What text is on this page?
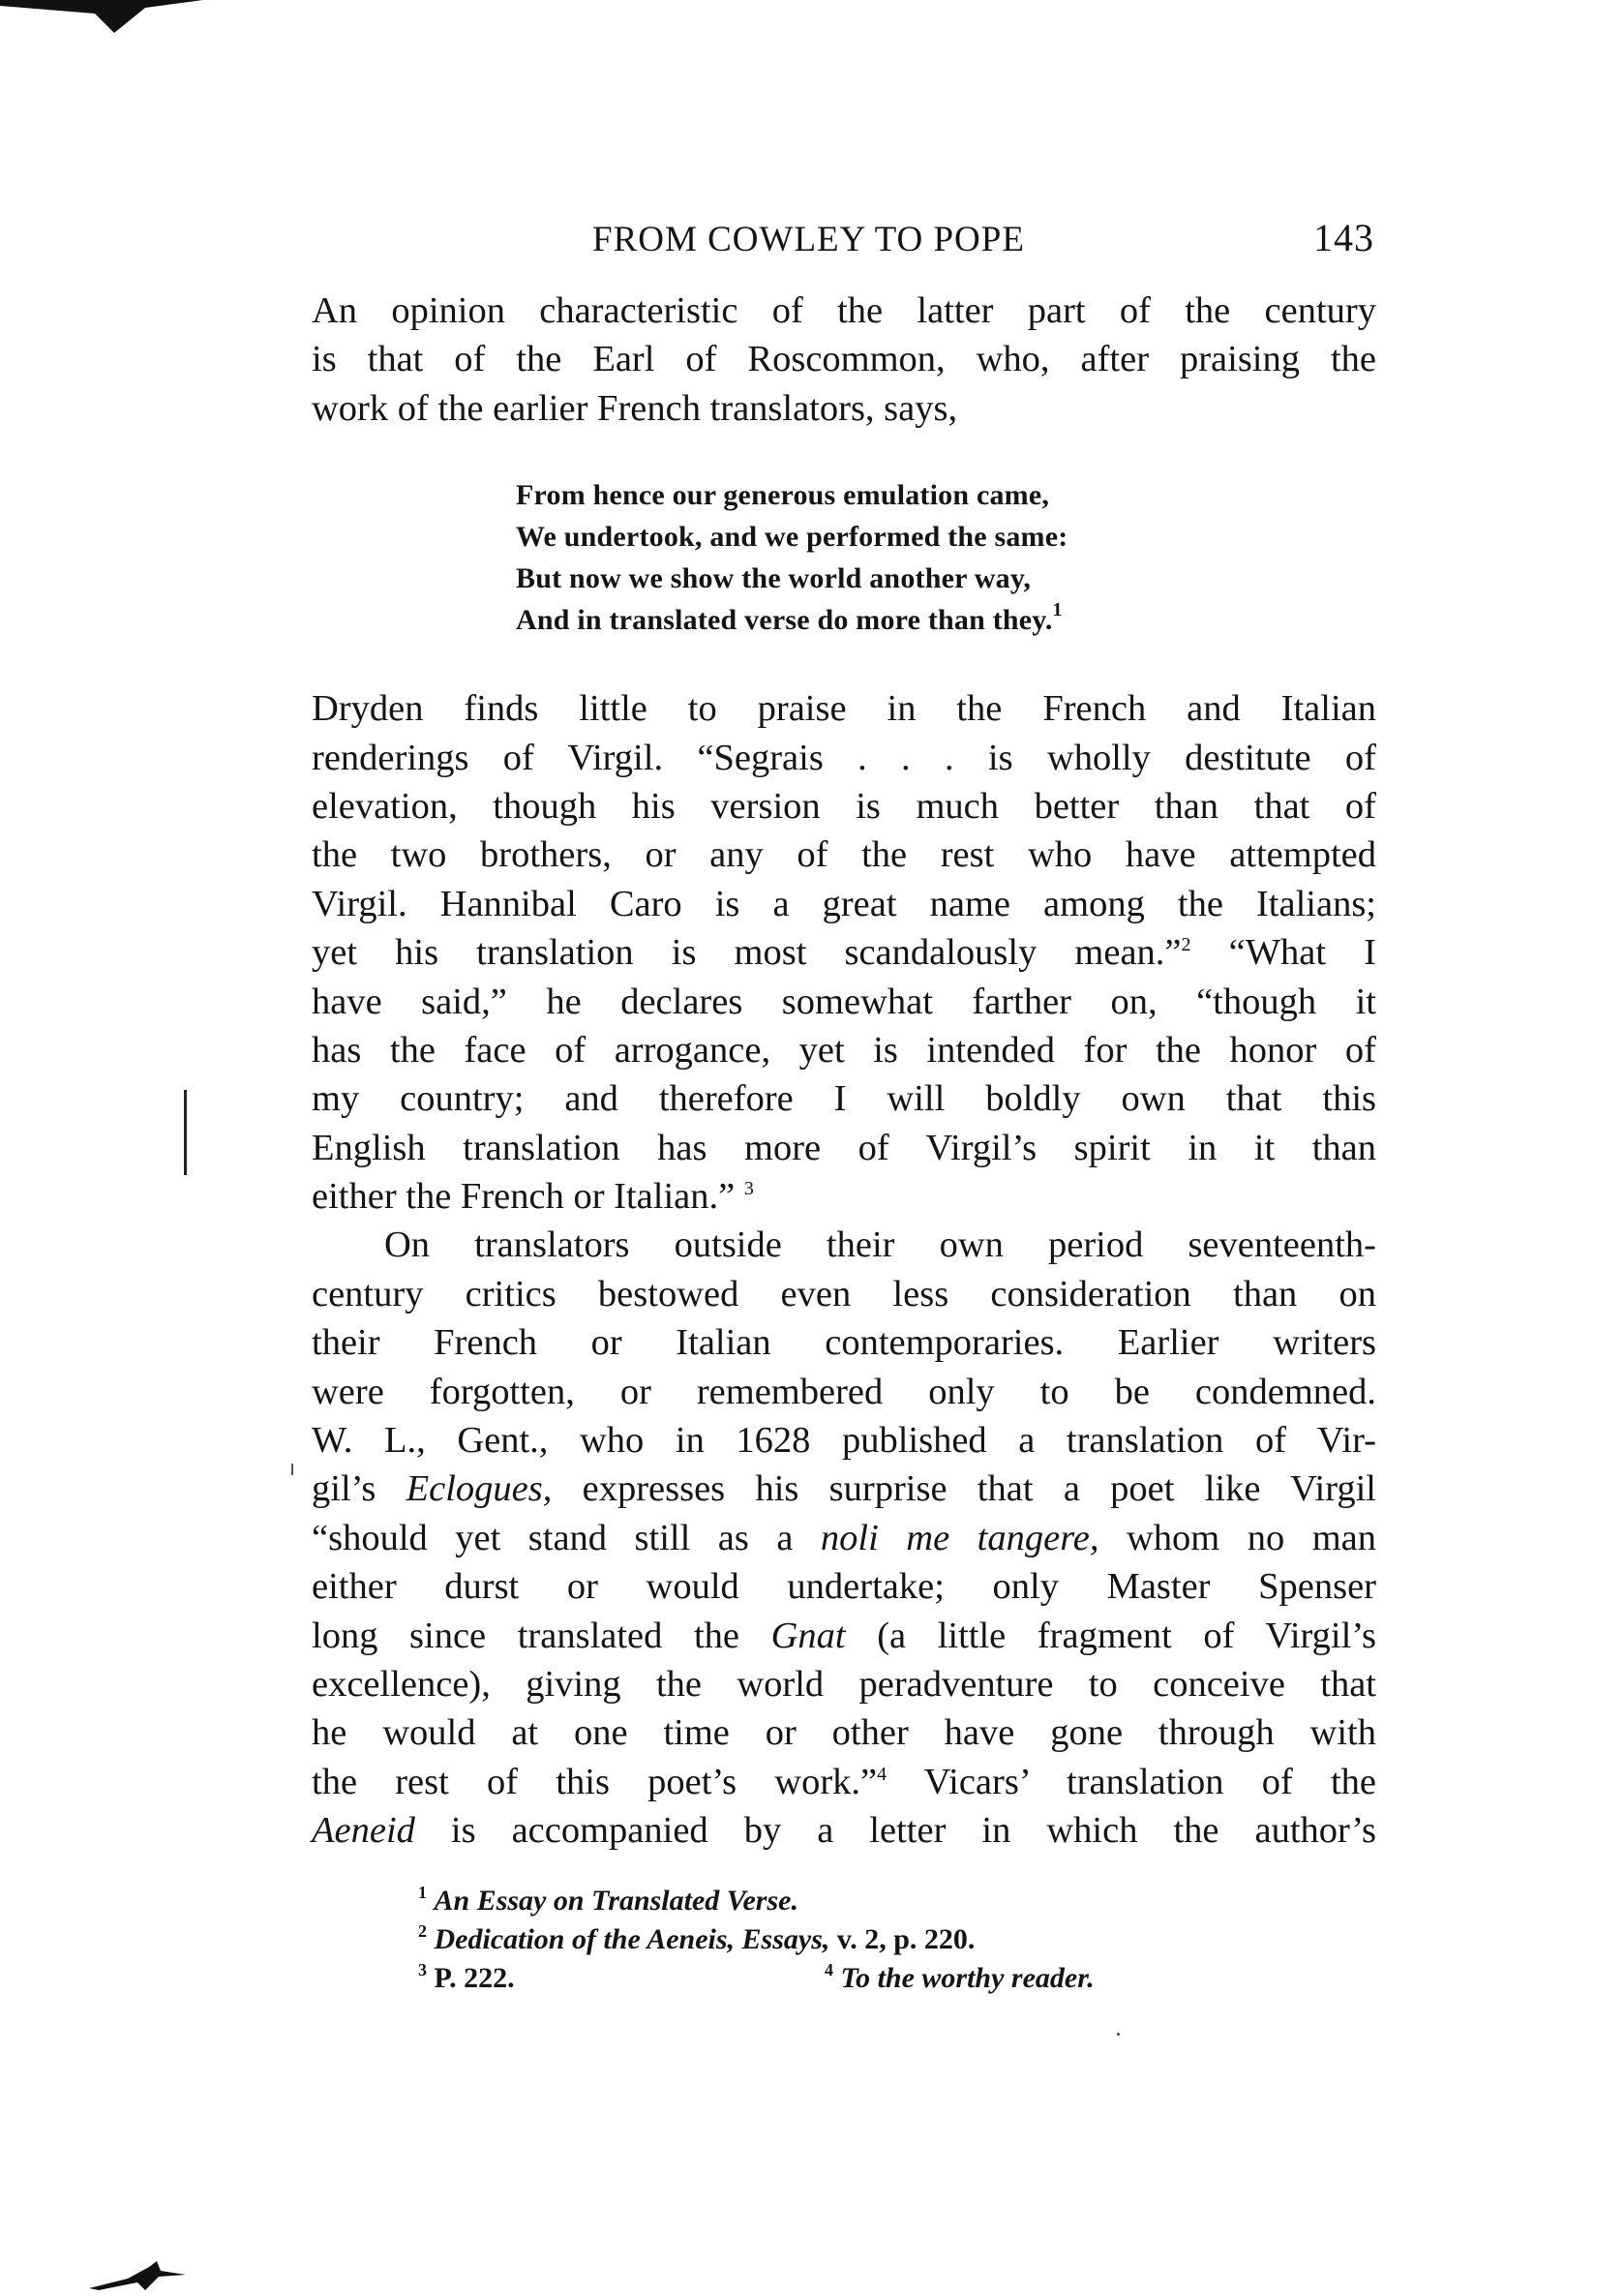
FROM COWLEY TO POPE	143
An opinion characteristic of the latter part of the century
is that of the Earl of Roscommon, who, after praising the
work of the earlier French translators, says,
Dryden finds little to praise in the French and Italian
renderings of Virgil. “Segrais . . . is wholly destitute of
elevation, though his version is much better than that of
the two brothers, or any of the rest who have attempted
Virgil. Hannibal Caro is a great name among the Italians;
yet his translation is most scandalously mean.”$^2$ “What I
have said,” he declares somewhat farther on, “though it
has the face of arrogance, yet is intended for the honor of
my country; and therefore I will boldly own that this
English translation has more of Virgil’s spirit in it than
either the French or Italian.” $^3$
On translators outside their own period seventeenth-
century critics bestowed even less consideration than on
their French or Italian contemporaries. Earlier writers
were forgotten, or remembered only to be condemned.
W. L., Gent., who in 1628 published a translation of Vir-
gil’s Eclogues, expresses his surprise that a poet like Virgil
“should yet stand still as a noli me tangere, whom no man
either durst or would undertake; only Master Spenser
long since translated the Gnat (a little fragment of Virgil’s
excellence), giving the world peradventure to conceive that
he would at one time or other have gone through with
the rest of this poet’s work.”$^4$ Vicars’ translation of the
Aeneid is accompanied by a letter in which the author’s
From hence our generous emulation came,
We undertook, and we performed the same:
But now we show the world another way,
And in translated verse do more than they.$^1$
$^1$ An Essay on Translated Verse.
$^2$ Dedication of the Aeneis, Essays, v. 2, p. 220.
$^3$ P. 222.	$^4$ To the worthy reader.
